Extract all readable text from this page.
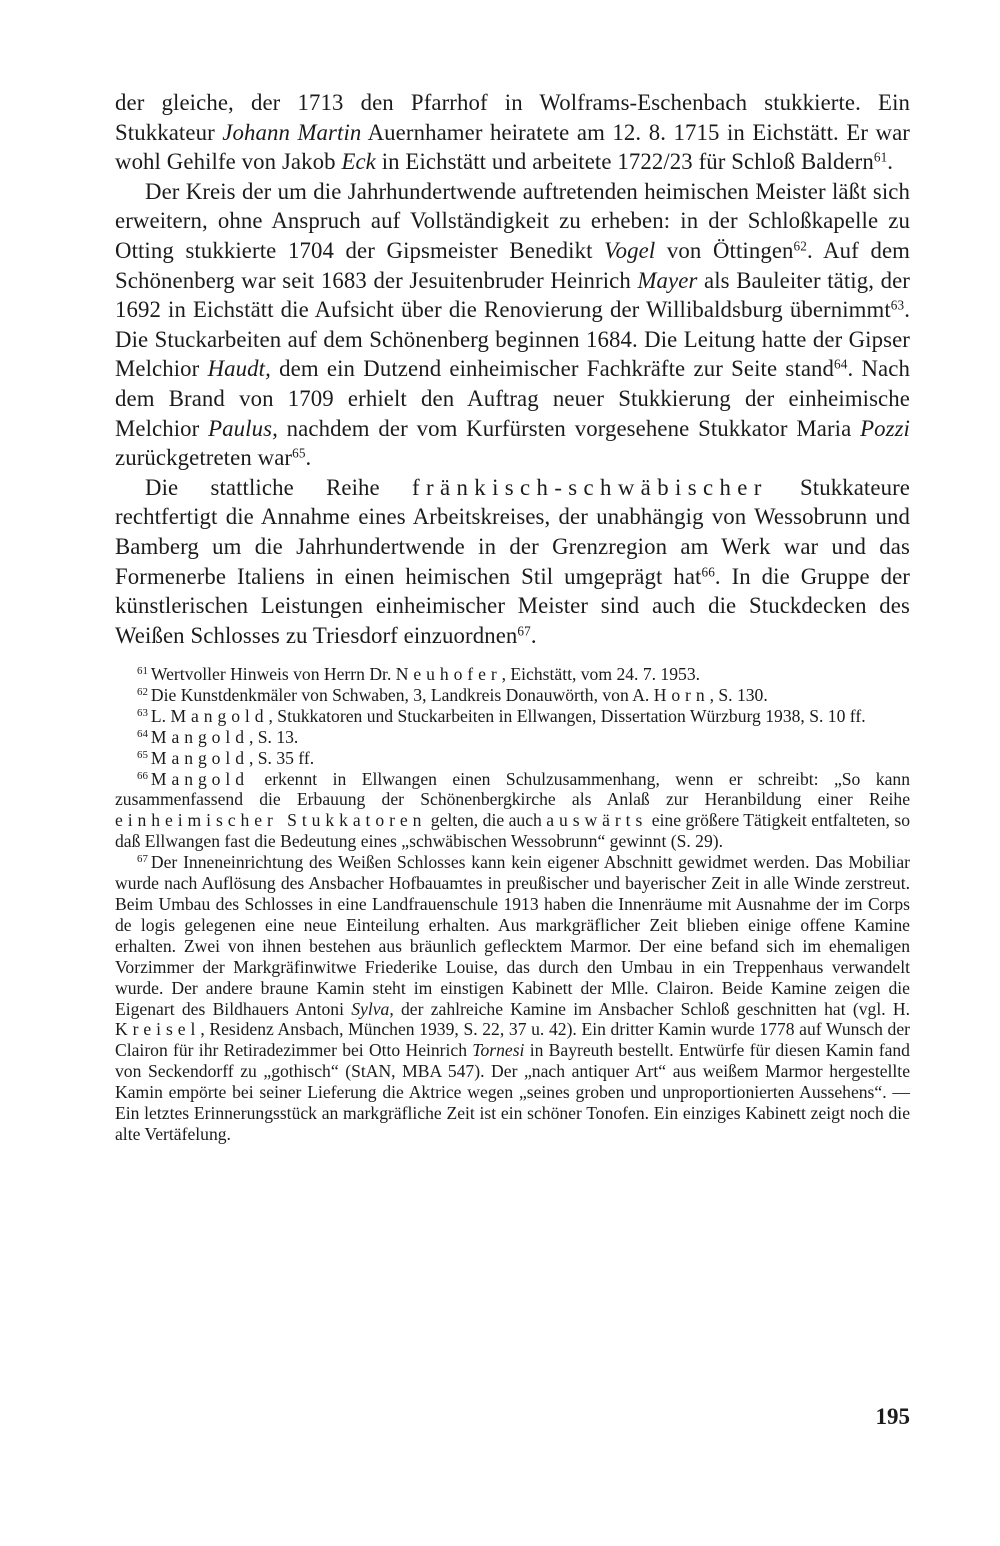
der gleiche, der 1713 den Pfarrhof in Wolframs-Eschenbach stukkierte. Ein Stukkateur Johann Martin Auernhamer heiratete am 12. 8. 1715 in Eichstätt. Er war wohl Gehilfe von Jakob Eck in Eichstätt und arbeitete 1722/23 für Schloß Baldern$^{61}$.

Der Kreis der um die Jahrhundertwende auftretenden heimischen Meister läßt sich erweitern, ohne Anspruch auf Vollständigkeit zu erheben: in der Schloßkapelle zu Otting stukkierte 1704 der Gipsmeister Benedikt Vogel von Öttingen$^{62}$. Auf dem Schönenberg war seit 1683 der Jesuitenbruder Heinrich Mayer als Bauleiter tätig, der 1692 in Eichstätt die Aufsicht über die Renovierung der Willibaldsburg übernimmt$^{63}$. Die Stuckarbeiten auf dem Schönenberg beginnen 1684. Die Leitung hatte der Gipser Melchior Haudt, dem ein Dutzend einheimischer Fachkräfte zur Seite stand$^{64}$. Nach dem Brand von 1709 erhielt den Auftrag neuer Stukkierung der einheimische Melchior Paulus, nachdem der vom Kurfürsten vorgesehene Stukkator Maria Pozzi zurückgetreten war$^{65}$.

Die stattliche Reihe fränkisch-schwäbischer Stukkateure rechtfertigt die Annahme eines Arbeitskreises, der unabhängig von Wessobrunn und Bamberg um die Jahrhundertwende in der Grenzregion am Werk war und das Formenerbe Italiens in einen heimischen Stil umgeprägt hat$^{66}$. In die Gruppe der künstlerischen Leistungen einheimischer Meister sind auch die Stuckdecken des Weißen Schlosses zu Triesdorf einzuordnen$^{67}$.

$^{61}$ Wertvoller Hinweis von Herrn Dr. Neuhofer, Eichstätt, vom 24. 7. 1953.

$^{62}$ Die Kunstdenkmäler von Schwaben, 3, Landkreis Donauwörth, von A. Horn, S. 130.

$^{63}$ L. Mangold, Stukkatoren und Stuckarbeiten in Ellwangen, Dissertation Würzburg 1938, S. 10 ff.

$^{64}$ Mangold, S. 13.

$^{65}$ Mangold, S. 35 ff.

$^{66}$ Mangold erkennt in Ellwangen einen Schulzusammenhang, wenn er schreibt: „So kann zusammenfassend die Erbauung der Schönenbergkirche als Anlaß zur Heranbildung einer Reihe einheimischer Stukkatoren gelten, die auch auswärts eine größere Tätigkeit entfalteten, so daß Ellwangen fast die Bedeutung eines „schwäbischen Wessobrunn“ gewinnt (S. 29).

$^{67}$ Der Inneneinrichtung des Weißen Schlosses kann kein eigener Abschnitt gewidmet werden. Das Mobiliar wurde nach Auflösung des Ansbacher Hofbauamtes in preußischer und bayerischer Zeit in alle Winde zerstreut. Beim Umbau des Schlosses in eine Landfrauenschule 1913 haben die Innenräume mit Ausnahme der im Corps de logis gelegenen eine neue Einteilung erhalten. Aus markgräflicher Zeit blieben einige offene Kamine erhalten. Zwei von ihnen bestehen aus bräunlich geflecktem Marmor. Der eine befand sich im ehemaligen Vorzimmer der Markgräfinwitwe Friederike Louise, das durch den Umbau in ein Treppenhaus verwandelt wurde. Der andere braune Kamin steht im einstigen Kabinett der Mlle. Clairon. Beide Kamine zeigen die Eigenart des Bildhauers Antoni Sylva, der zahlreiche Kamine im Ansbacher Schloß geschnitten hat (vgl. H. Kreisel, Residenz Ansbach, München 1939, S. 22, 37 u. 42). Ein dritter Kamin wurde 1778 auf Wunsch der Clairon für ihr Retiradezimmer bei Otto Heinrich Tornesi in Bayreuth bestellt. Entwürfe für diesen Kamin fand von Seckendorff zu „gothisch“ (StAN, MBA 547). Der „nach antiquer Art“ aus weißem Marmor hergestellte Kamin empörte bei seiner Lieferung die Aktrice wegen „seines groben und unproportionierten Aussehens“. — Ein letztes Erinnerungsstück an markgräfliche Zeit ist ein schöner Tonofen. Ein einziges Kabinett zeigt noch die alte Vertäfelung.

195
